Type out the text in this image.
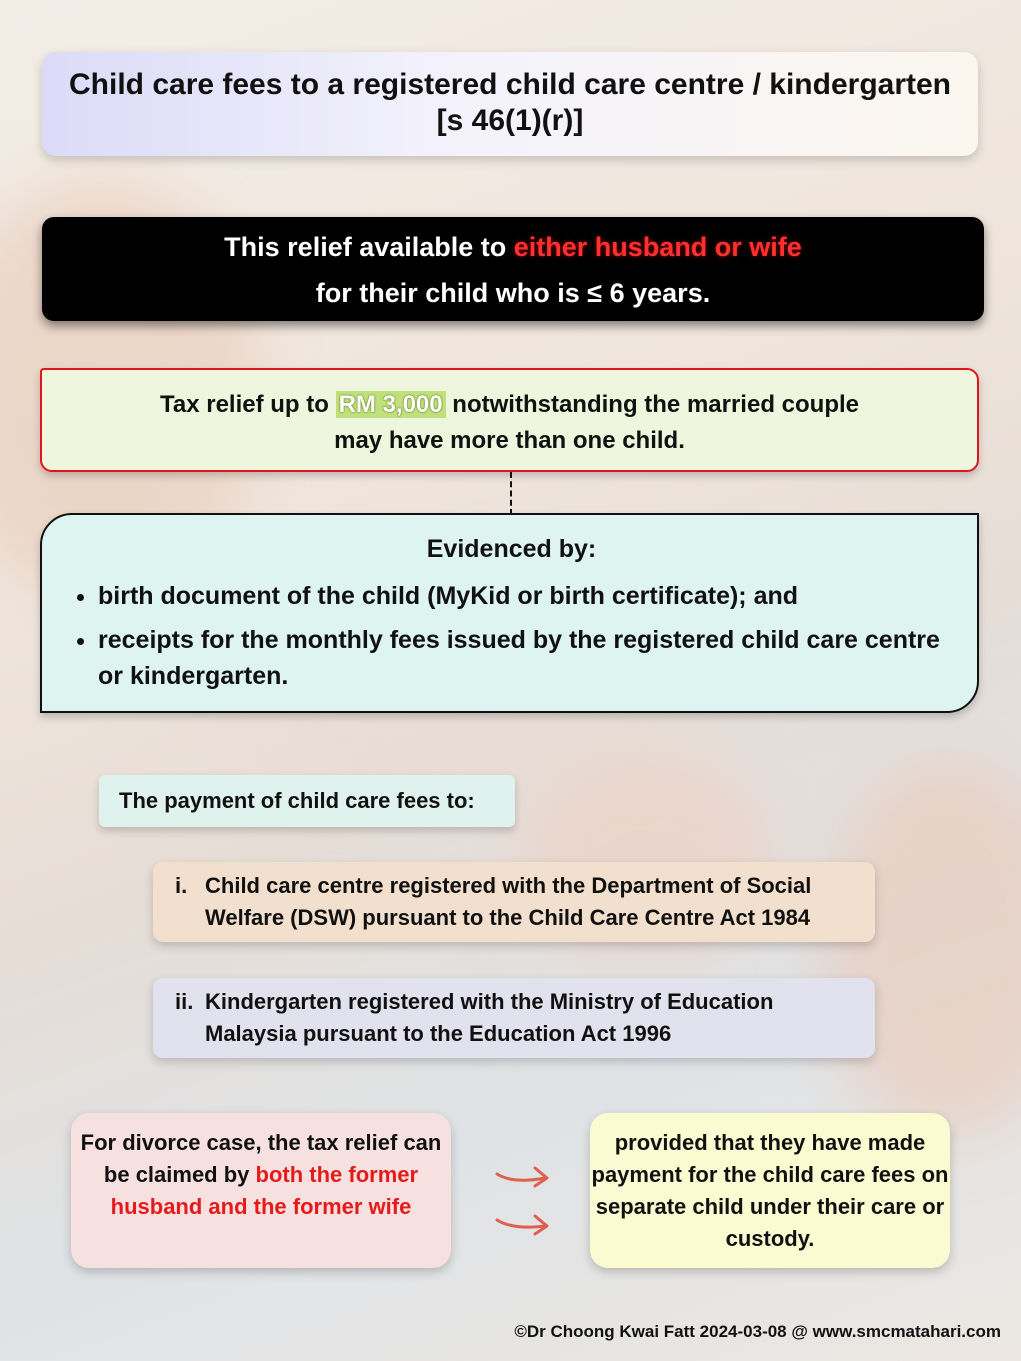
Child care fees to a registered child care centre / kindergarten
[s 46(1)(r)]
This relief available to either husband or wife
for their child who is ≤ 6 years.
Tax relief up to RM 3,000 notwithstanding the married couple
may have more than one child.
Evidenced by:
• birth document of the child (MyKid or birth certificate); and
• receipts for the monthly fees issued by the registered child care centre or kindergarten.
The payment of child care fees to:
i. Child care centre registered with the Department of Social Welfare (DSW) pursuant to the Child Care Centre Act 1984
ii. Kindergarten registered with the Ministry of Education Malaysia pursuant to the Education Act 1996
For divorce case, the tax relief can be claimed by both the former husband and the former wife
provided that they have made payment for the child care fees on separate child under their care or custody.
©Dr Choong Kwai Fatt 2024-03-08 @ www.smcmatahari.com
